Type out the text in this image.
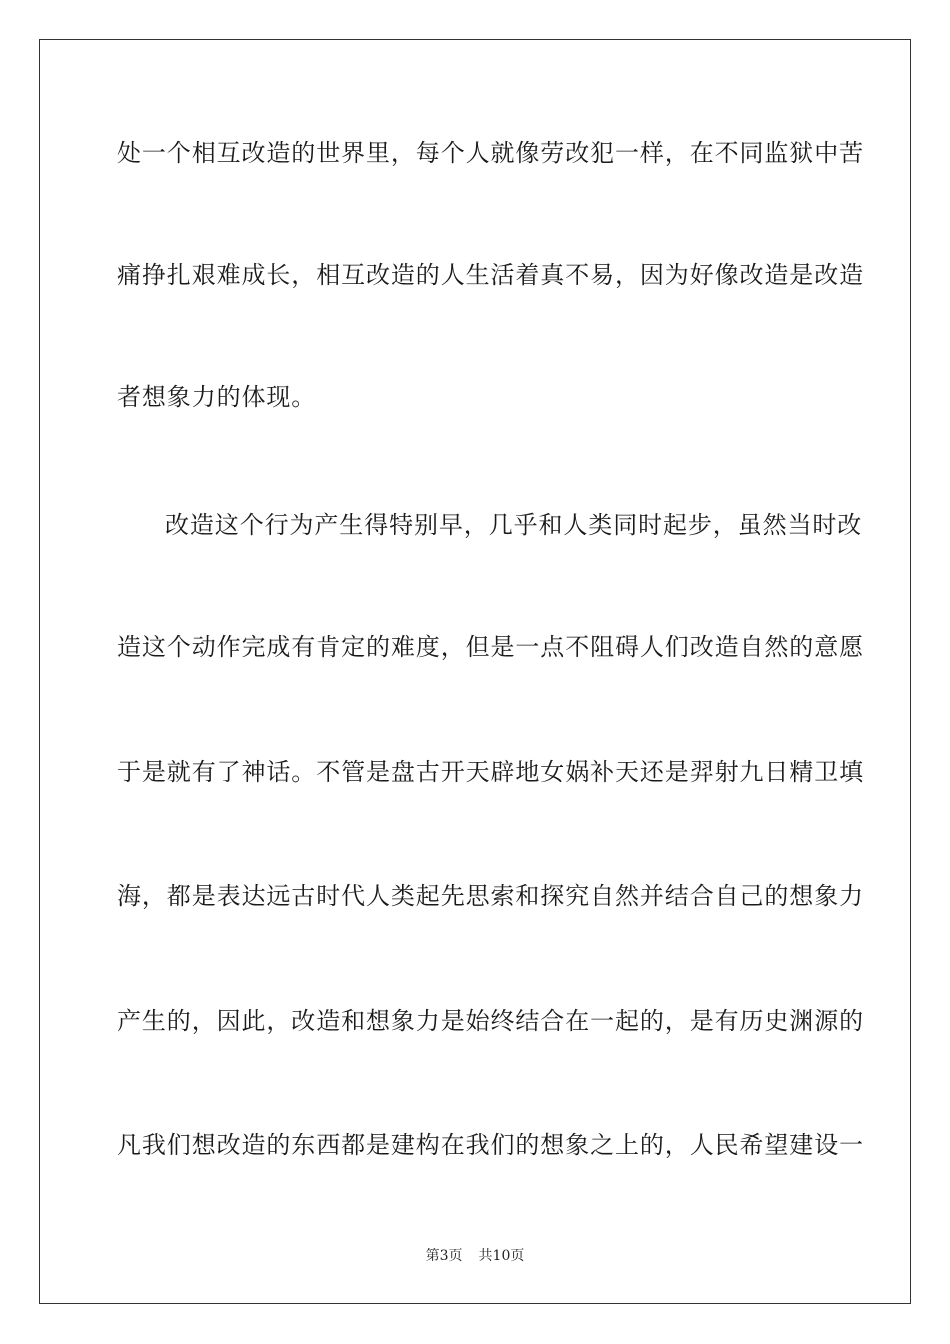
处一个相互改造的世界里，每个人就像劳改犯一样，在不同监狱中苦
痛挣扎艰难成长，相互改造的人生活着真不易，因为好像改造是改造
者想象力的体现。
改造这个行为产生得特别早，几乎和人类同时起步，虽然当时改
造这个动作完成有肯定的难度，但是一点不阻碍人们改造自然的意愿
于是就有了神话。不管是盘古开天辟地女娲补天还是羿射九日精卫填
海，都是表达远古时代人类起先思索和探究自然并结合自己的想象力
产生的，因此，改造和想象力是始终结合在一起的，是有历史渊源的
凡我们想改造的东西都是建构在我们的想象之上的，人民希望建设一
第3页 共10页
